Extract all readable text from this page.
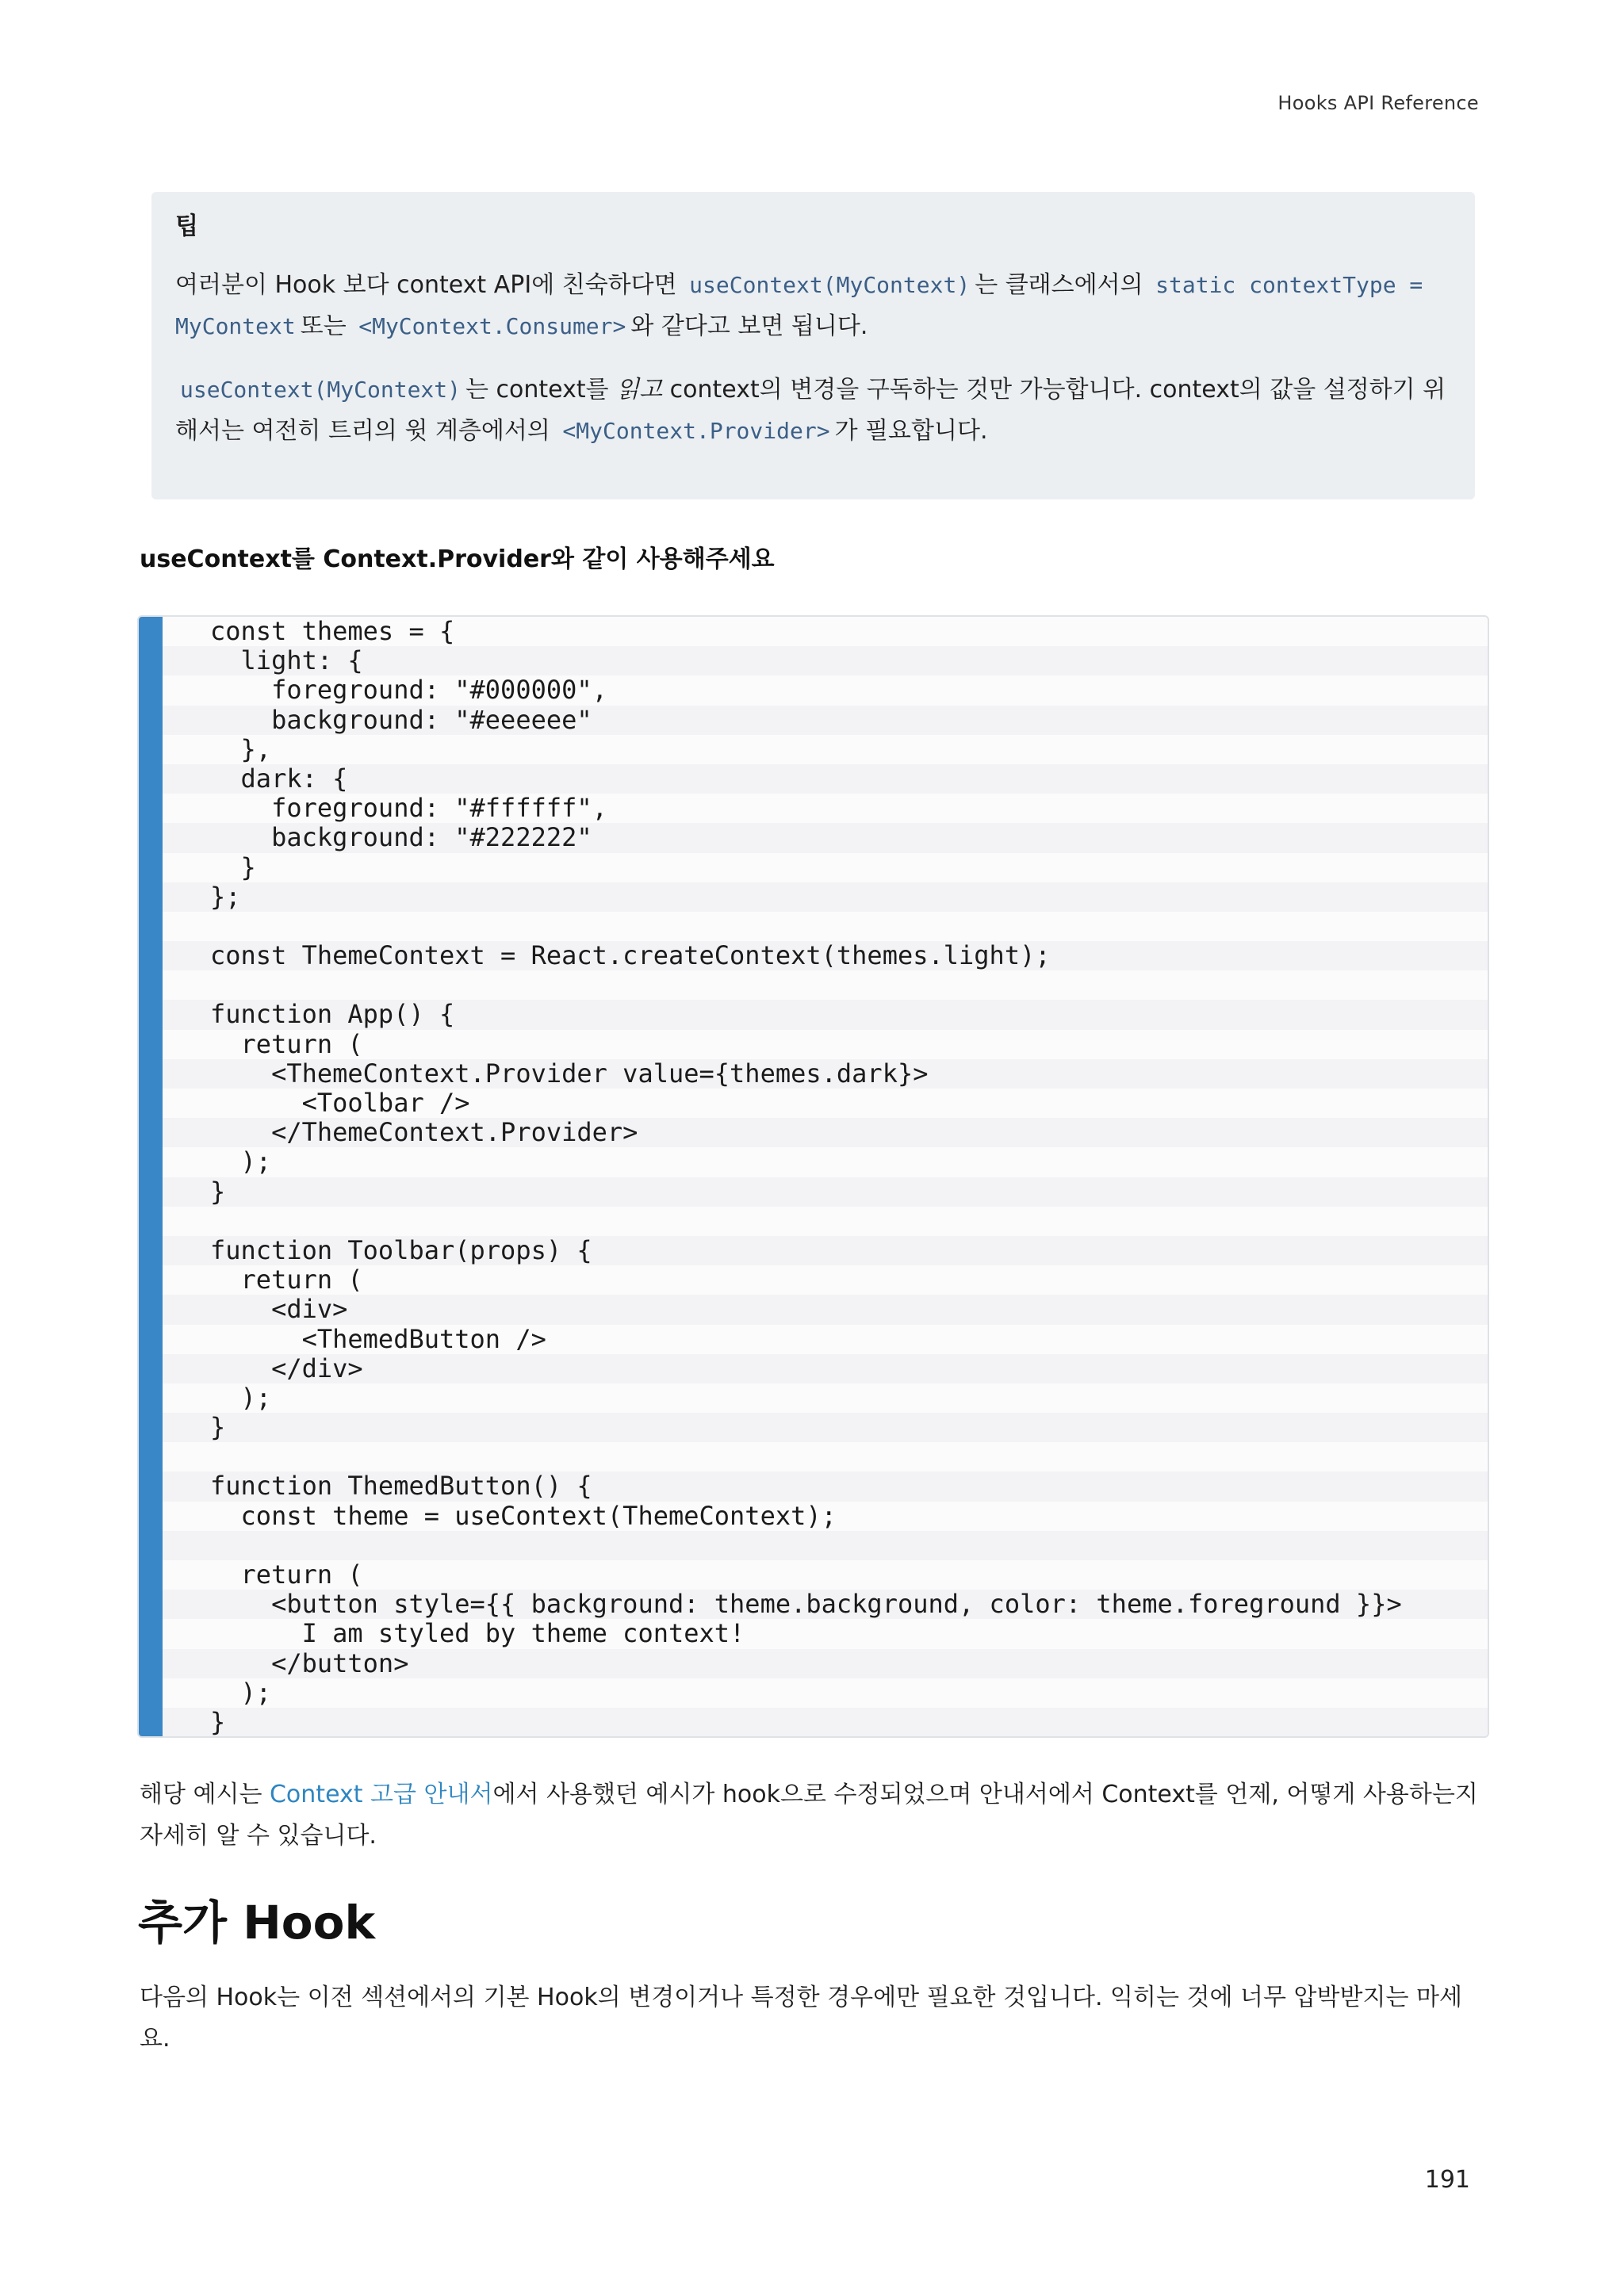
Hooks API Reference
팁

여러분이 Hook 보다 context API에 친숙하다면 useContext(MyContext) 는 클래스에서의 static contextType = MyContext 또는 <MyContext.Consumer> 와 같다고 보면 됩니다.

useContext(MyContext) 는 context를 읽고 context의 변경을 구독하는 것만 가능합니다. context의 값을 설정하기 위해서는 여전히 트리의 윗 계층에서의 <MyContext.Provider> 가 필요합니다.

useContext를 Context.Provider와 같이 사용해주세요
const themes = {
light: {
foreground: "#000000",
background: "#eeeeee"
},
dark: {
foreground: "#ffffff",
background: "#222222"
}
};
const ThemeContext = React.createContext(themes.light);
function App() {
return (
<ThemeContext.Provider value={themes.dark}>
<Toolbar />
</ThemeContext.Provider>
);
}
function Toolbar(props) {
return (
<div>
<ThemedButton />
</div>
);
}
function ThemedButton() {
const theme = useContext(ThemeContext);
return (
<button style={{ background: theme.background, color: theme.foreground }}>
I am styled by theme context!
</button>
);
}

해당 예시는 Context 고급 안내서에서 사용했던 예시가 hook으로 수정되었으며 안내서에서 Context를 언제, 어떻게 사용하는지 자세히 알 수 있습니다.

추가 Hook

다음의 Hook는 이전 섹션에서의 기본 Hook의 변경이거나 특정한 경우에만 필요한 것입니다. 익히는 것에 너무 압박받지는 마세요.

191
